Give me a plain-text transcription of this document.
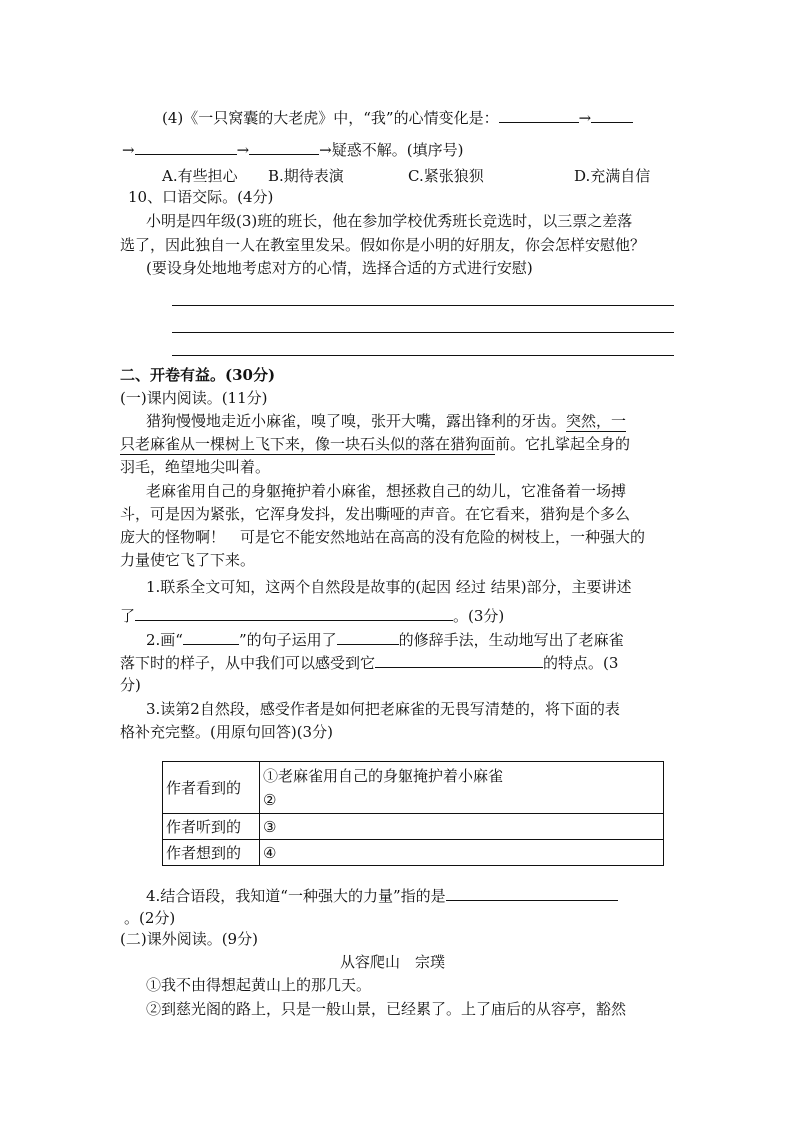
(4)《一只窝囊的大老虎》中，“我”的心情变化是：	→
→	→	→疑惑不解。(填序号)
A.有些担心 B.期待表演	C.紧张狼狈	D.充满自信
10、口语交际。(4分)
小明是四年级(3)班的班长，他在参加学校优秀班长竞选时，以三票之差落
选了，因此独自一人在教室里发呆。假如你是小明的好朋友，你会怎样安慰他？
(要设身处地地考虑对方的心情，选择合适的方式进行安慰)
二、开卷有益。(30分)
(一)课内阅读。(11分)
猎狗慢慢地走近小麻雀，嗅了嗅，张开大嘴，露出锋利的牙齿。突然，一
只老麻雀从一棵树上飞下来，像一块石头似的落在猎狗面前。它扎挲起全身的
羽毛，绝望地尖叫着。
老麻雀用自己的身躯掩护着小麻雀，想拯救自己的幼儿，它准备着一场搏
斗，可是因为紧张，它浑身发抖，发出嘶哑的声音。在它看来，猎狗是个多么
庞大的怪物啊！　可是它不能安然地站在高高的没有危险的树枝上，一种强大的
力量使它飞了下来。
1.联系全文可知，这两个自然段是故事的(起因 经过 结果)部分，主要讲述
了	。(3分)
2.画“	”的句子运用了	的修辞手法，生动地写出了老麻雀
落下时的样子，从中我们可以感受到它	的特点。(3
分)
3.读第2自然段，感受作者是如何把老麻雀的无畏写清楚的，将下面的表
格补充完整。(用原句回答)(3分)
作者看到的	①老麻雀用自己的身躯掩护着小麻雀
②

作者听到的	③
作者想到的	④
4.结合语段，我知道“一种强大的力量”指的是
。(2分)
(二)课外阅读。(9分)
从容爬山　宗璞
①我不由得想起黄山上的那几天。
②到慈光阁的路上，只是一般山景，已经累了。上了庙后的从容亭，豁然
